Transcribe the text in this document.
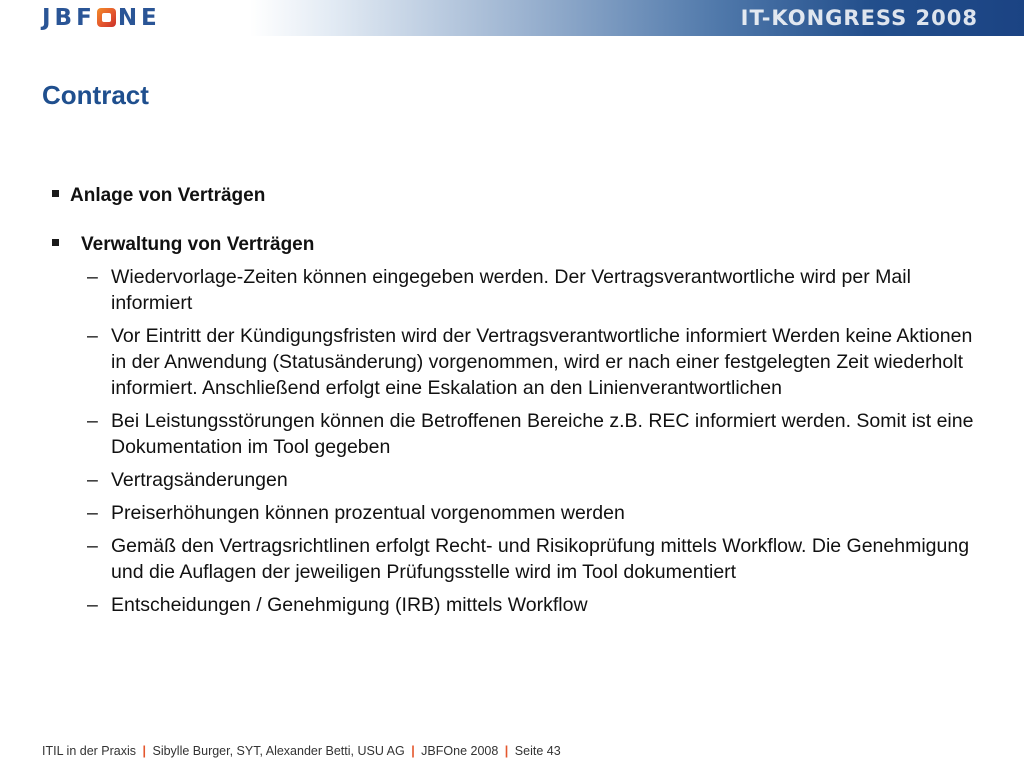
JBF NE	IT-KONGRESS 2008
Contract
Anlage von Verträgen
Verwaltung von Verträgen
– Wiedervorlage-Zeiten können eingegeben werden. Der Vertragsverantwortliche wird per Mail informiert
– Vor Eintritt der Kündigungsfristen wird der Vertragsverantwortliche informiert Werden keine Aktionen in der Anwendung (Statusänderung) vorgenommen, wird er nach einer festgelegten Zeit wiederholt informiert. Anschließend erfolgt eine Eskalation an den Linienverantwortlichen
– Bei Leistungsstörungen können die Betroffenen Bereiche z.B. REC informiert werden. Somit ist eine Dokumentation im Tool gegeben
– Vertragsänderungen
– Preiserhöhungen können prozentual vorgenommen werden
– Gemäß den Vertragsrichtlinen erfolgt Recht- und Risikoprüfung mittels Workflow. Die Genehmigung und die Auflagen der jeweiligen Prüfungsstelle wird im Tool dokumentiert
– Entscheidungen / Genehmigung (IRB) mittels Workflow
ITIL in der Praxis | Sibylle Burger, SYT, Alexander Betti, USU AG | JBFOne 2008 | Seite 43
